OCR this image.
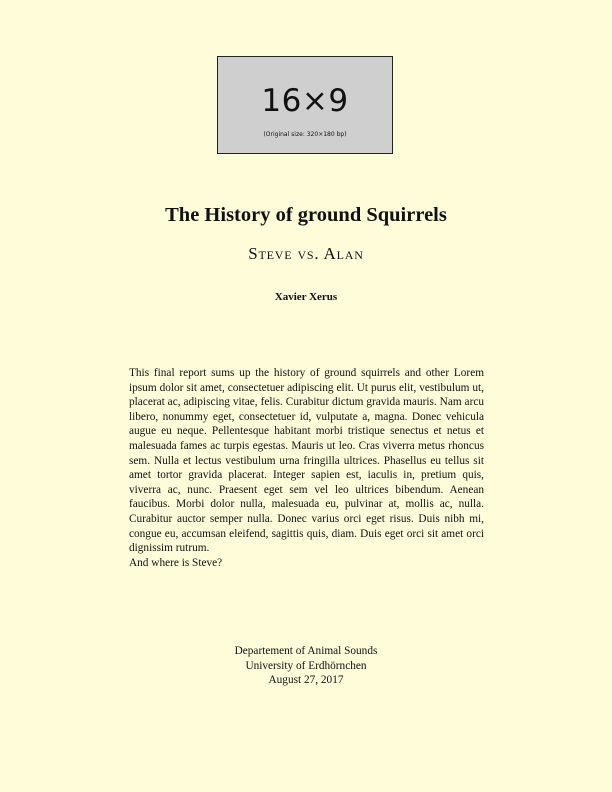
16×9
(Original size: 320×180 bp)
The History of ground Squirrels
Steve vs. Alan
Xavier Xerus

This final report sums up the history of ground squirrels and other Lorem ipsum dolor sit amet, consectetuer adipiscing elit. Ut purus elit, vestibulum ut, placerat ac, adipiscing vitae, felis. Curabitur dictum gravida mauris. Nam arcu libero, nonummy eget, consectetuer id, vulputate a, magna. Donec vehicula augue eu neque. Pellentesque habitant morbi tristique senectus et netus et malesuada fames ac turpis egestas. Mauris ut leo. Cras viverra metus rhoncus sem. Nulla et lectus vestibulum urna fringilla ultrices. Phasellus eu tellus sit amet tortor gravida placerat. Integer sapien est, iaculis in, pretium quis, viverra ac, nunc. Praesent eget sem vel leo ultrices bibendum. Aenean faucibus. Morbi dolor nulla, malesuada eu, pulvinar at, mollis ac, nulla. Curabitur auctor semper nulla. Donec varius orci eget risus. Duis nibh mi, congue eu, accumsan eleifend, sagittis quis, diam. Duis eget orci sit amet orci dignissim rutrum.

And where is Steve?

Departement of Animal Sounds
University of Erdhörnchen
August 27, 2017
